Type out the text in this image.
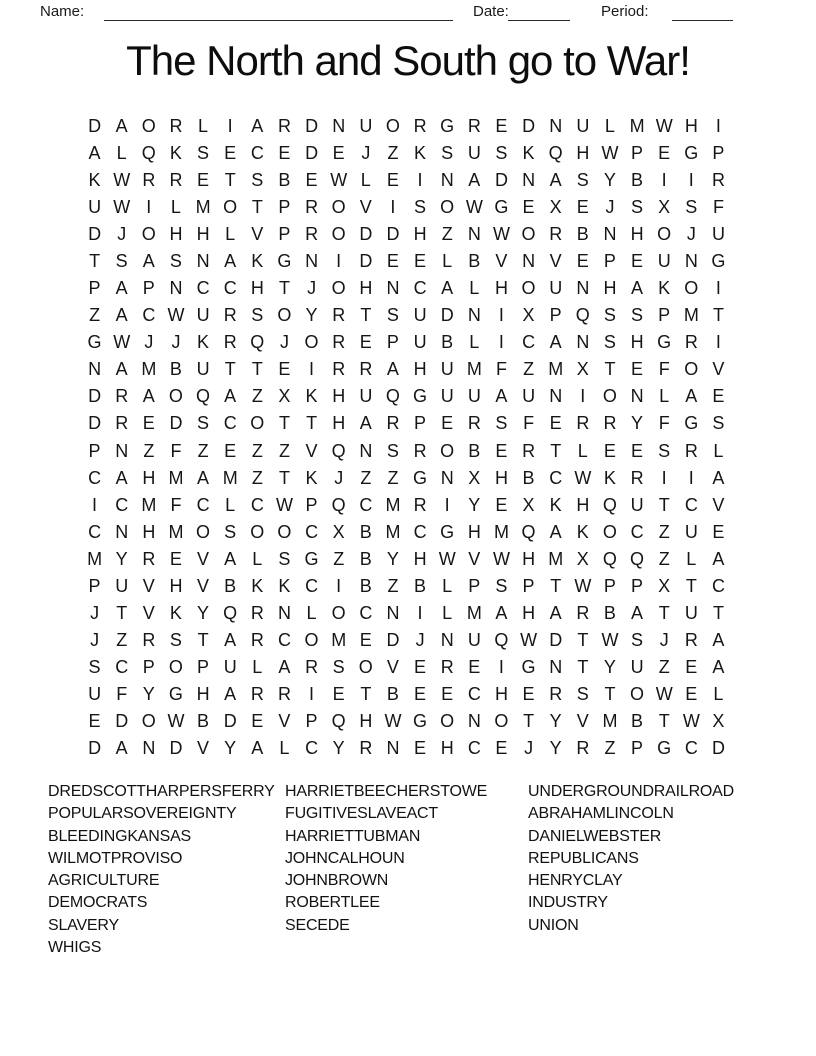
Name:	Date:	Period:
The North and South go to War!
D A O R L	I	A R D N U O R G R E D N U L M W H	I
A L Q K S E C E D E J Z K S U S K Q H W P E G P
K W R R E T S B E W L E	I	N A D N A S Y B	I	I	R
U W I	L M O T P R O V	I	S O W G E X E J S X S F
D J O H H L V P R O D D H Z N W O R B N H O J U
T S A S N A K G N	I	D E E L B V N V E P E U N G
P A P N C C H T J O H N C A L H O U N H A K O I
Z A C W U R S O Y R T S U D N	I	X P Q S S P M T
G W J	J K R Q J O R E P U B L	I	C A N S H G R	I
N A M B U T T E	I	R R A H U M F Z M X T E F O V
D R A O Q A Z X K H U Q G U U A U N	I O N L A E
D R E D S C O T T H A R P E R S F E R R Y F G S
P N Z F Z E Z Z V Q N S R O B E R T L E E S R L
C A H M A M Z T K J Z Z G N X H B C W K R	I	I	A
I	C M F C L C W P Q C M R	I	Y E X K H Q U T C V
C N H M O S O O C X B M C G H M Q A K O C Z U E
M Y R E V A L S G Z B Y H W V W H M X Q Q Z L A
P U V H V B K K C	I	B Z B L P S P T W P P X T C
J T V K Y Q R N L O C N	I	L M A H A R B A T U T
J Z R S T A R C O M E D J N U Q W D T W S J R A
S C P O P U L A R S O V E R E	I G N T Y U Z E A
U F Y G H A R R	I	E T B E E C H E R S T O W E L
E D O W B D E V P Q H W G O N O T Y V M B T W X
D A N D V Y A L C Y R N E H C E J Y R Z P G C D
DREDSCOTTHARPERSFERRY
POPULARSOVEREIGNTY
BLEEDINGKANSAS
WILMOTPROVISO
AGRICULTURE
DEMOCRATS
SLAVERY
WHIGS
HARRIETBEECHERSTOWE
FUGITIVESLAVEACT
HARRIETTUBMAN
JOHNCALHOUN
JOHNBROWN
ROBERTLEE
SECEDE
UNDERGROUNDRAILROAD
ABRAHAMLINCOLN
DANIELWEBSTER
REPUBLICANS
HENRYCLAY
INDUSTRY
UNION
